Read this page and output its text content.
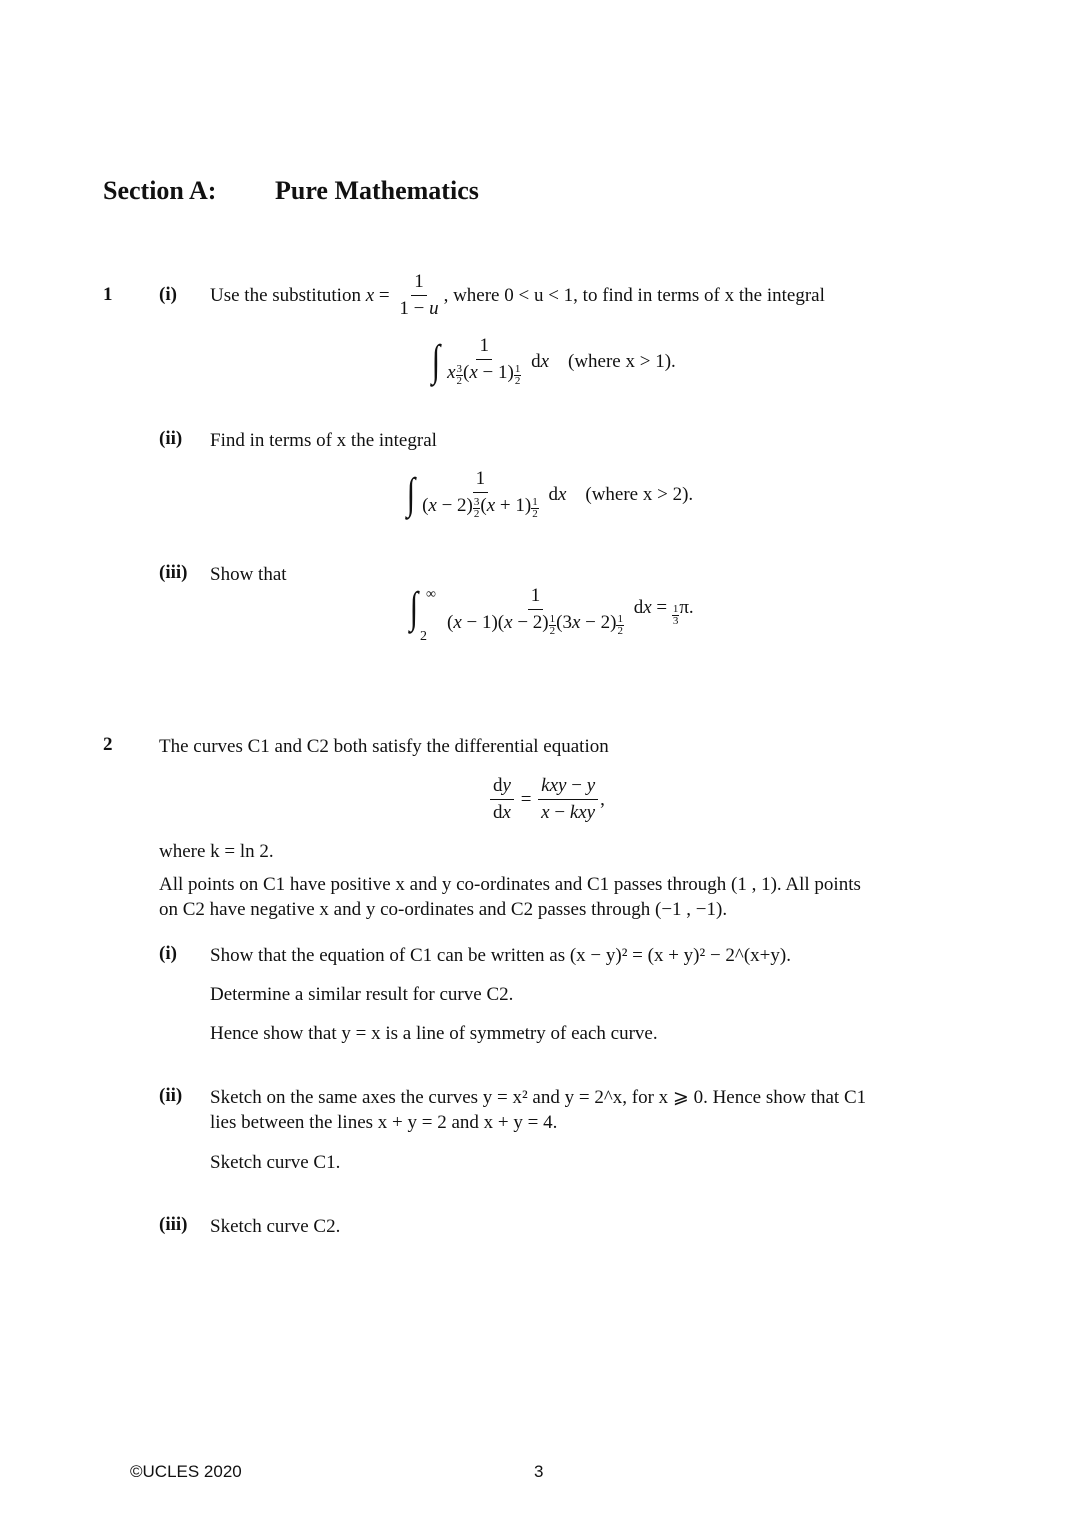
Section A: Pure Mathematics
1 (i) Use the substitution $x = \frac{1}{1 - u}$ , where 0 < u < 1, to find in terms of x the integral
∫ $\frac{1}{x \frac{3}{2} (x - 1) \frac{1}{2}}$ dx	(where x > 1).
(ii) Find in terms of x the integral
∫ $\frac{1}{(x - 2) \frac{3}{2} (x + 1) \frac{1}{2}}$ dx	(where x > 2).
(iii) Show that
∫ ∞
$2 \frac{1}{(x - 1)(x - 2) \frac{1}{2} (3x - 2) \frac{1}{2}}$ dx = $\frac{1}{3} \pi$.
2 The curves C1 and C2 both satisfy the differential equation
$\frac{dy}{dx} = \frac{\text{kxy − y}}{\text{x − kxy}}$ ,
where k = ln 2.
All points on C1 have positive x and y co-ordinates and C1 passes through (1 , 1). All points
on C2 have negative x and y co-ordinates and C2 passes through (−1 , −1).
(i) Show that the equation of C1 can be written as (x − y)² = (x + y)² − 2^(x+y).
Determine a similar result for curve C2.
Hence show that y = x is a line of symmetry of each curve.
(ii) Sketch on the same axes the curves y = x² and y = 2^x, for x ⩾ 0. Hence show that C1
lies between the lines x + y = 2 and x + y = 4.
Sketch curve C1.
(iii) Sketch curve C2.
©UCLES 2020	3
